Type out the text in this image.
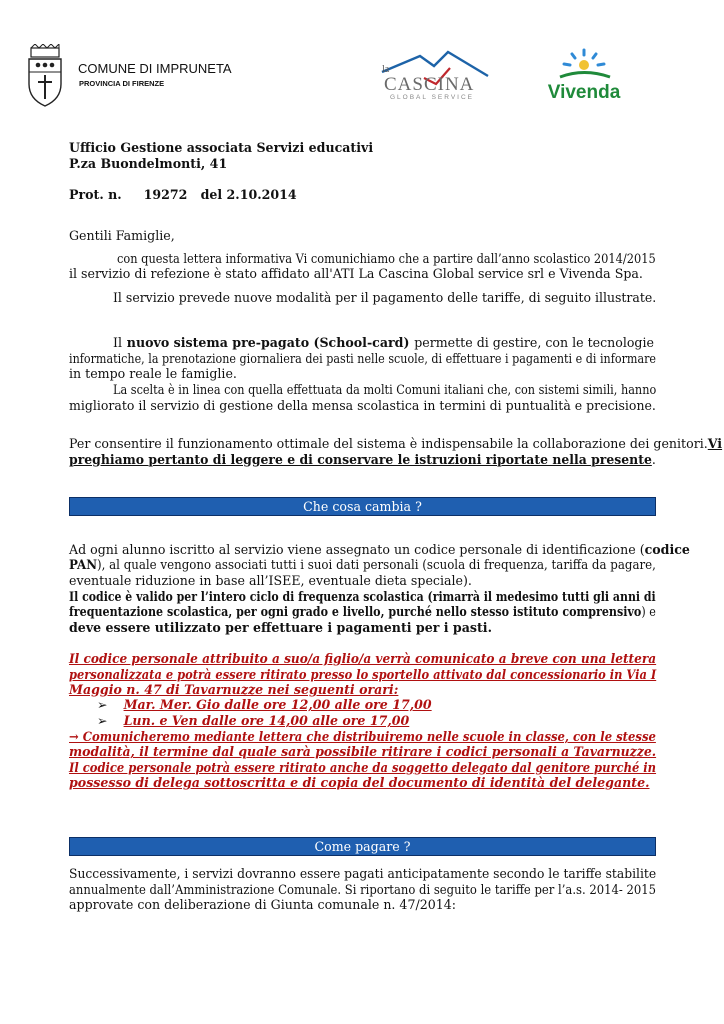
COMUNE DI IMPRUNETA
PROVINCIA DI FIRENZE
la
CASCINA
GLOBAL SERVICE	Vivenda
Ufficio Gestione associata Servizi educativi
P.za Buondelmonti, 41
Prot. n. 19272 del 2.10.2014
Gentili Famiglie,
con questa lettera informativa Vi comunichiamo che a partire dall’anno scolastico 2014/2015
il servizio di refezione è stato affidato all'ATI La Cascina Global service srl e Vivenda Spa.
Il servizio prevede nuove modalità per il pagamento delle tariffe, di seguito illustrate.
Il nuovo sistema pre-pagato (School-card) permette di gestire, con le tecnologie
informatiche, la prenotazione giornaliera dei pasti nelle scuole, di effettuare i pagamenti e di informare
in tempo reale le famiglie.
La scelta è in linea con quella effettuata da molti Comuni italiani che, con sistemi simili, hanno
migliorato il servizio di gestione della mensa scolastica in termini di puntualità e precisione.
Per consentire il funzionamento ottimale del sistema è indispensabile la collaborazione dei genitori. Vi
preghiamo pertanto di leggere e di conservare le istruzioni riportate nella presente.
Che cosa cambia ?
Ad ogni alunno iscritto al servizio viene assegnato un codice personale di identificazione ( codice
PAN), al quale vengono associati tutti i suoi dati personali (scuola di frequenza, tariffa da pagare,
eventuale riduzione in base all’ISEE, eventuale dieta speciale).
Il codice è valido per l’intero ciclo di frequenza scolastica (rimarrà il medesimo tutti gli anni di
frequentazione scolastica, per ogni grado e livello, purché nello stesso istituto comprensivo) e
deve essere utilizzato per effettuare i pagamenti per i pasti.
Il codice personale attribuito a suo/a figlio/a verrà comunicato a breve con una lettera
personalizzata e potrà essere ritirato presso lo sportello attivato dal concessionario in Via I
Maggio n. 47 di Tavarnuzze nei seguenti orari:
➢ Mar. Mer. Gio dalle ore 12,00 alle ore 17,00
➢ Lun. e Ven dalle ore 14,00 alle ore 17,00
→ Comunicheremo mediante lettera che distribuiremo nelle scuole in classe, con le stesse
modalità, il termine dal quale sarà possibile ritirare i codici personali a Tavarnuzze.
Il codice personale potrà essere ritirato anche da soggetto delegato dal genitore purché in
possesso di delega sottoscritta e di copia del documento di identità del delegante.
Come pagare ?
Successivamente, i servizi dovranno essere pagati anticipatamente secondo le tariffe stabilite
annualmente dall’Amministrazione Comunale. Si riportano di seguito le tariffe per l’a.s. 2014- 2015
approvate con deliberazione di Giunta comunale n. 47/2014:
